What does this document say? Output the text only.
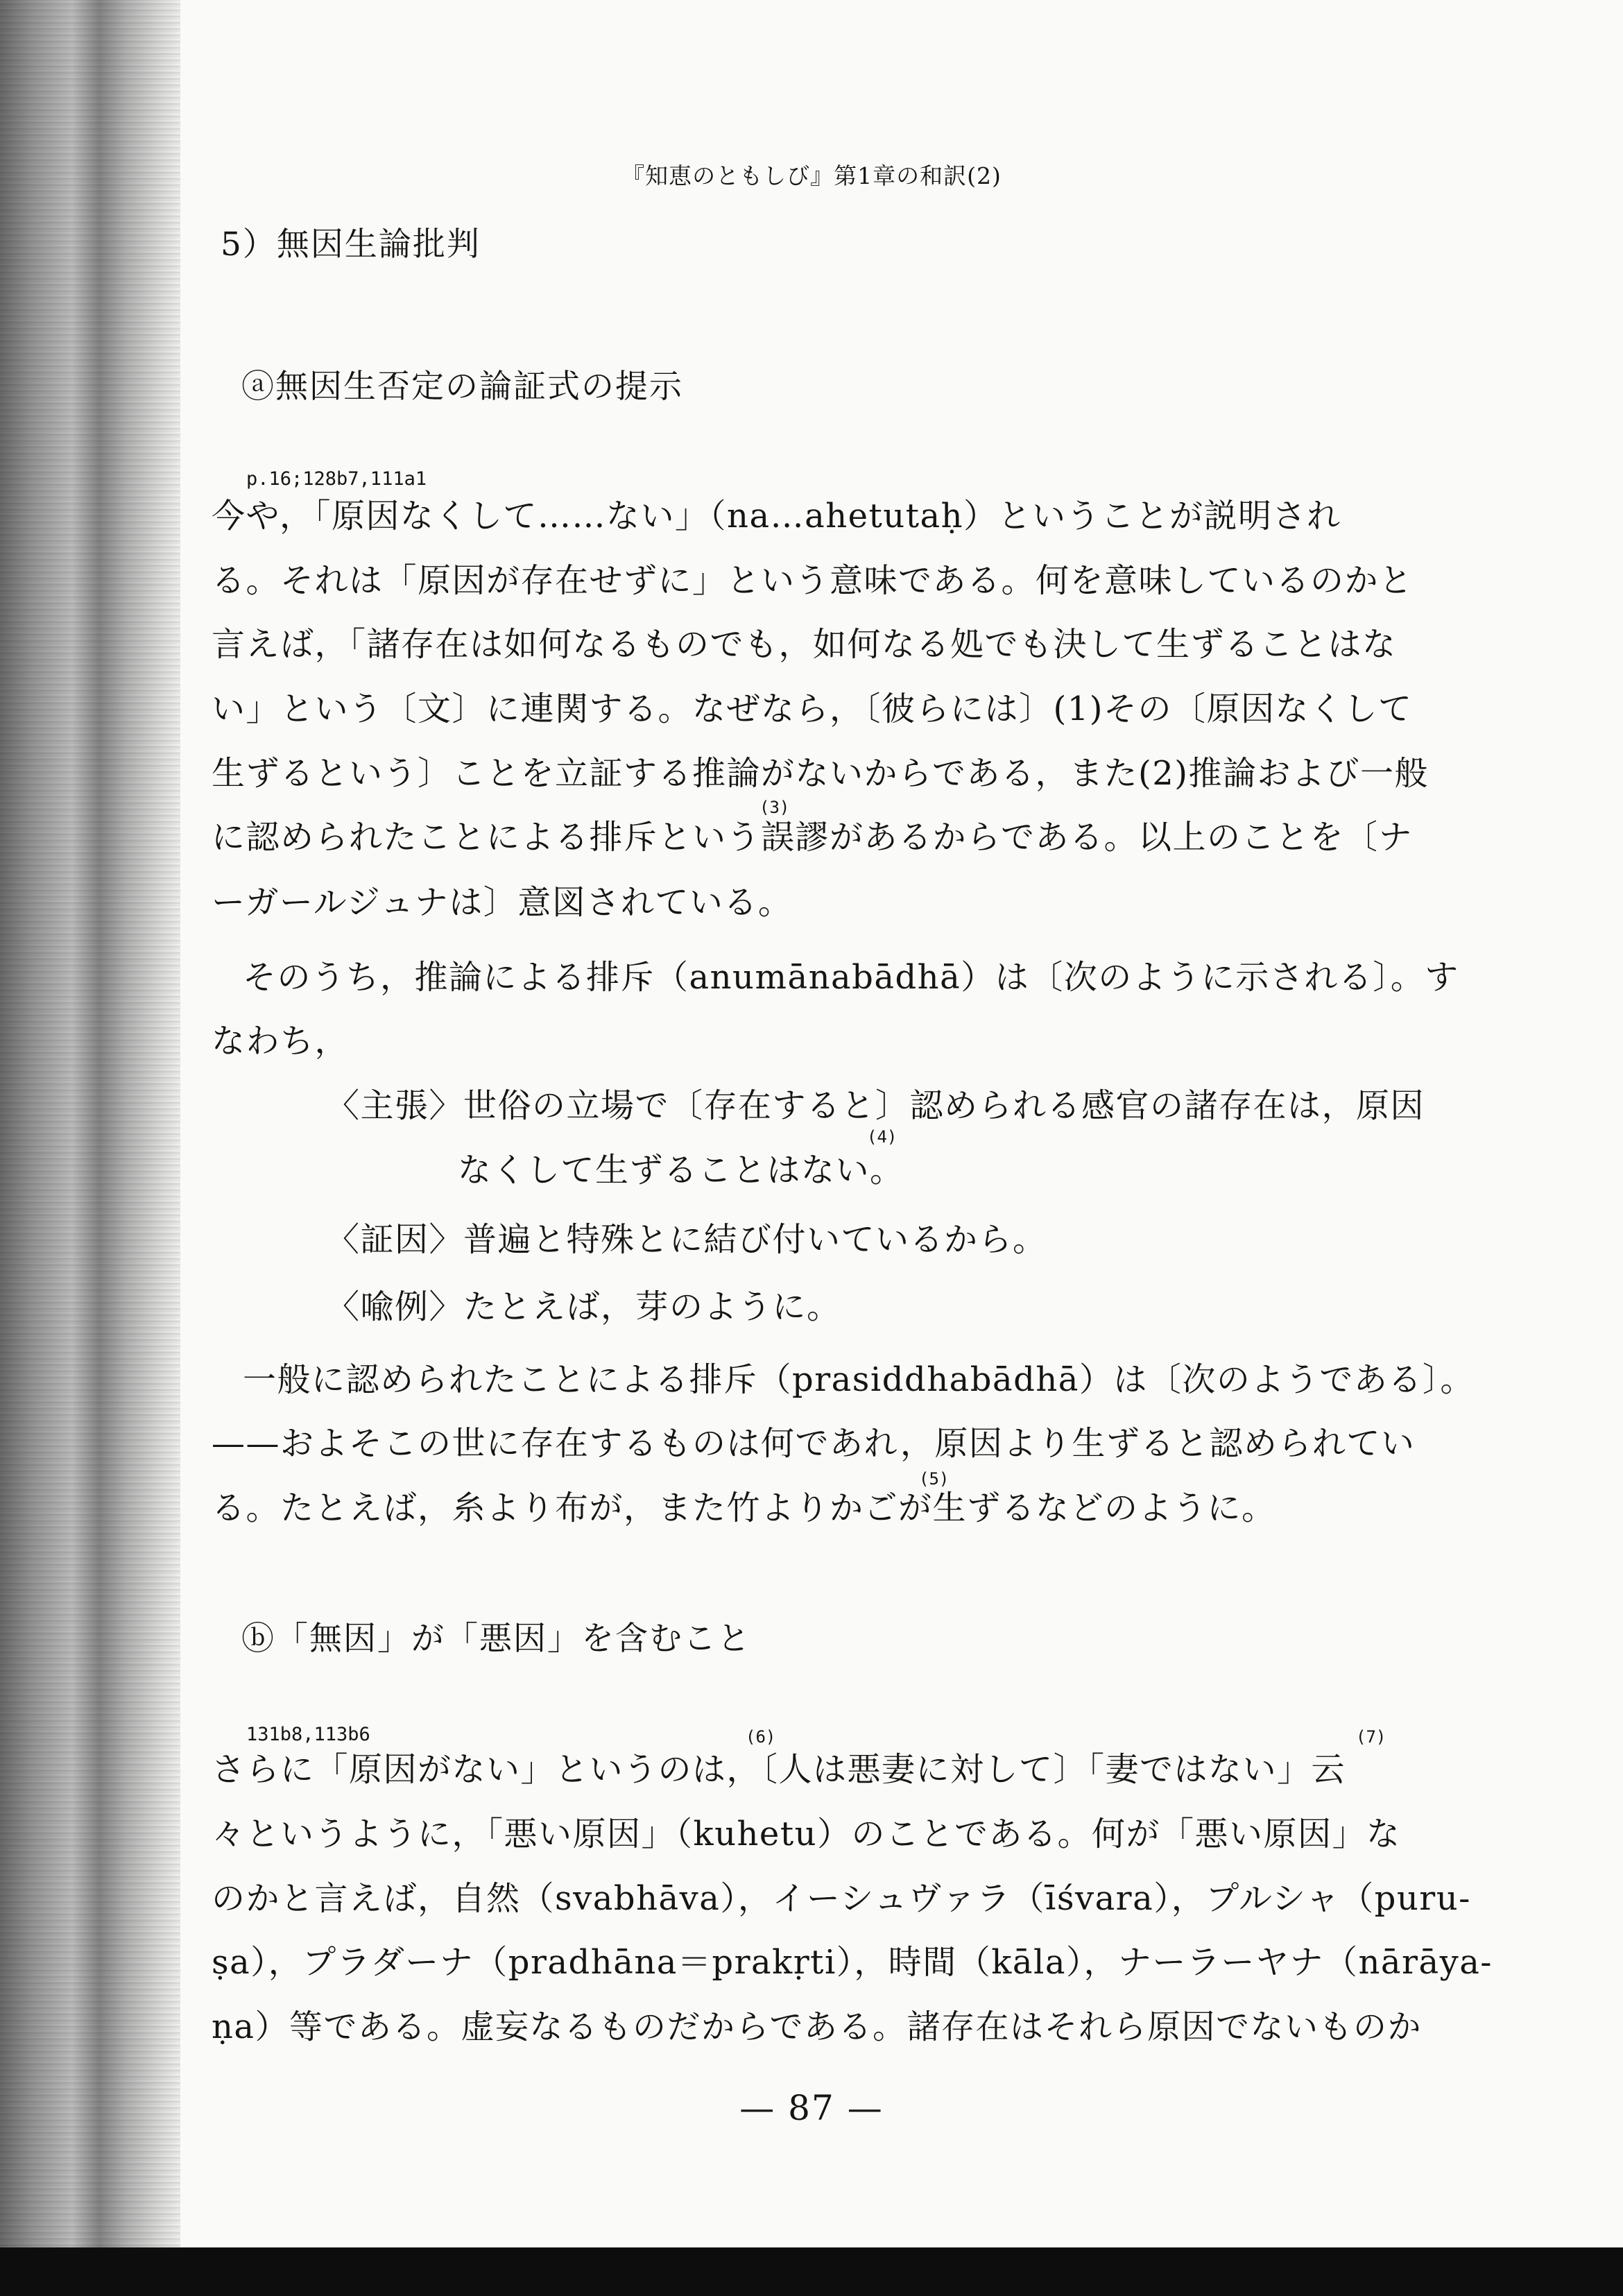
『知恵のともしび』第1章の和訳(2)
5）無因生論批判
ⓐ無因生否定の論証式の提示
p.16;128b7,111a1
今や，「原因なくして……ない」（na…ahetutaḥ）ということが説明され
る。それは「原因が存在せずに」という意味である。何を意味しているのかと
言えば，「諸存在は如何なるものでも，如何なる処でも決して生ずることはな
い」という〔文〕に連関する。なぜなら，〔彼らには〕(1)その〔原因なくして
生ずるという〕ことを立証する推論がないからである，また(2)推論および一般
に認められたことによる排斥という誤謬があるからである。以上のことを〔ナ
(3)
ーガールジュナは〕意図されている。
そのうち，推論による排斥（anumānabādhā）は〔次のように示される〕。す
なわち，
〈主張〉世俗の立場で〔存在すると〕認められる感官の諸存在は，原因
なくして生ずることはない。
(4)
〈証因〉普遍と特殊とに結び付いているから。
〈喩例〉たとえば，芽のように。
一般に認められたことによる排斥（prasiddhabādhā）は〔次のようである〕。
——およそこの世に存在するものは何であれ，原因より生ずると認められてい
る。たとえば，糸より布が，また竹よりかごが生ずるなどのように。
(5)
ⓑ「無因」が「悪因」を含むこと
131b8,113b6
さらに「原因がない」というのは，〔人は悪妻に対して〕「妻ではない」云
(6)	(7)
々というように，「悪い原因」（kuhetu）のことである。何が「悪い原因」な
のかと言えば，自然（svabhāva），イーシュヴァラ（īśvara），プルシャ（puru-
ṣa），プラダーナ（pradhāna＝prakṛti），時間（kāla），ナーラーヤナ（nārāya-
ṇa）等である。虚妄なるものだからである。諸存在はそれら原因でないものか
— 87 —
